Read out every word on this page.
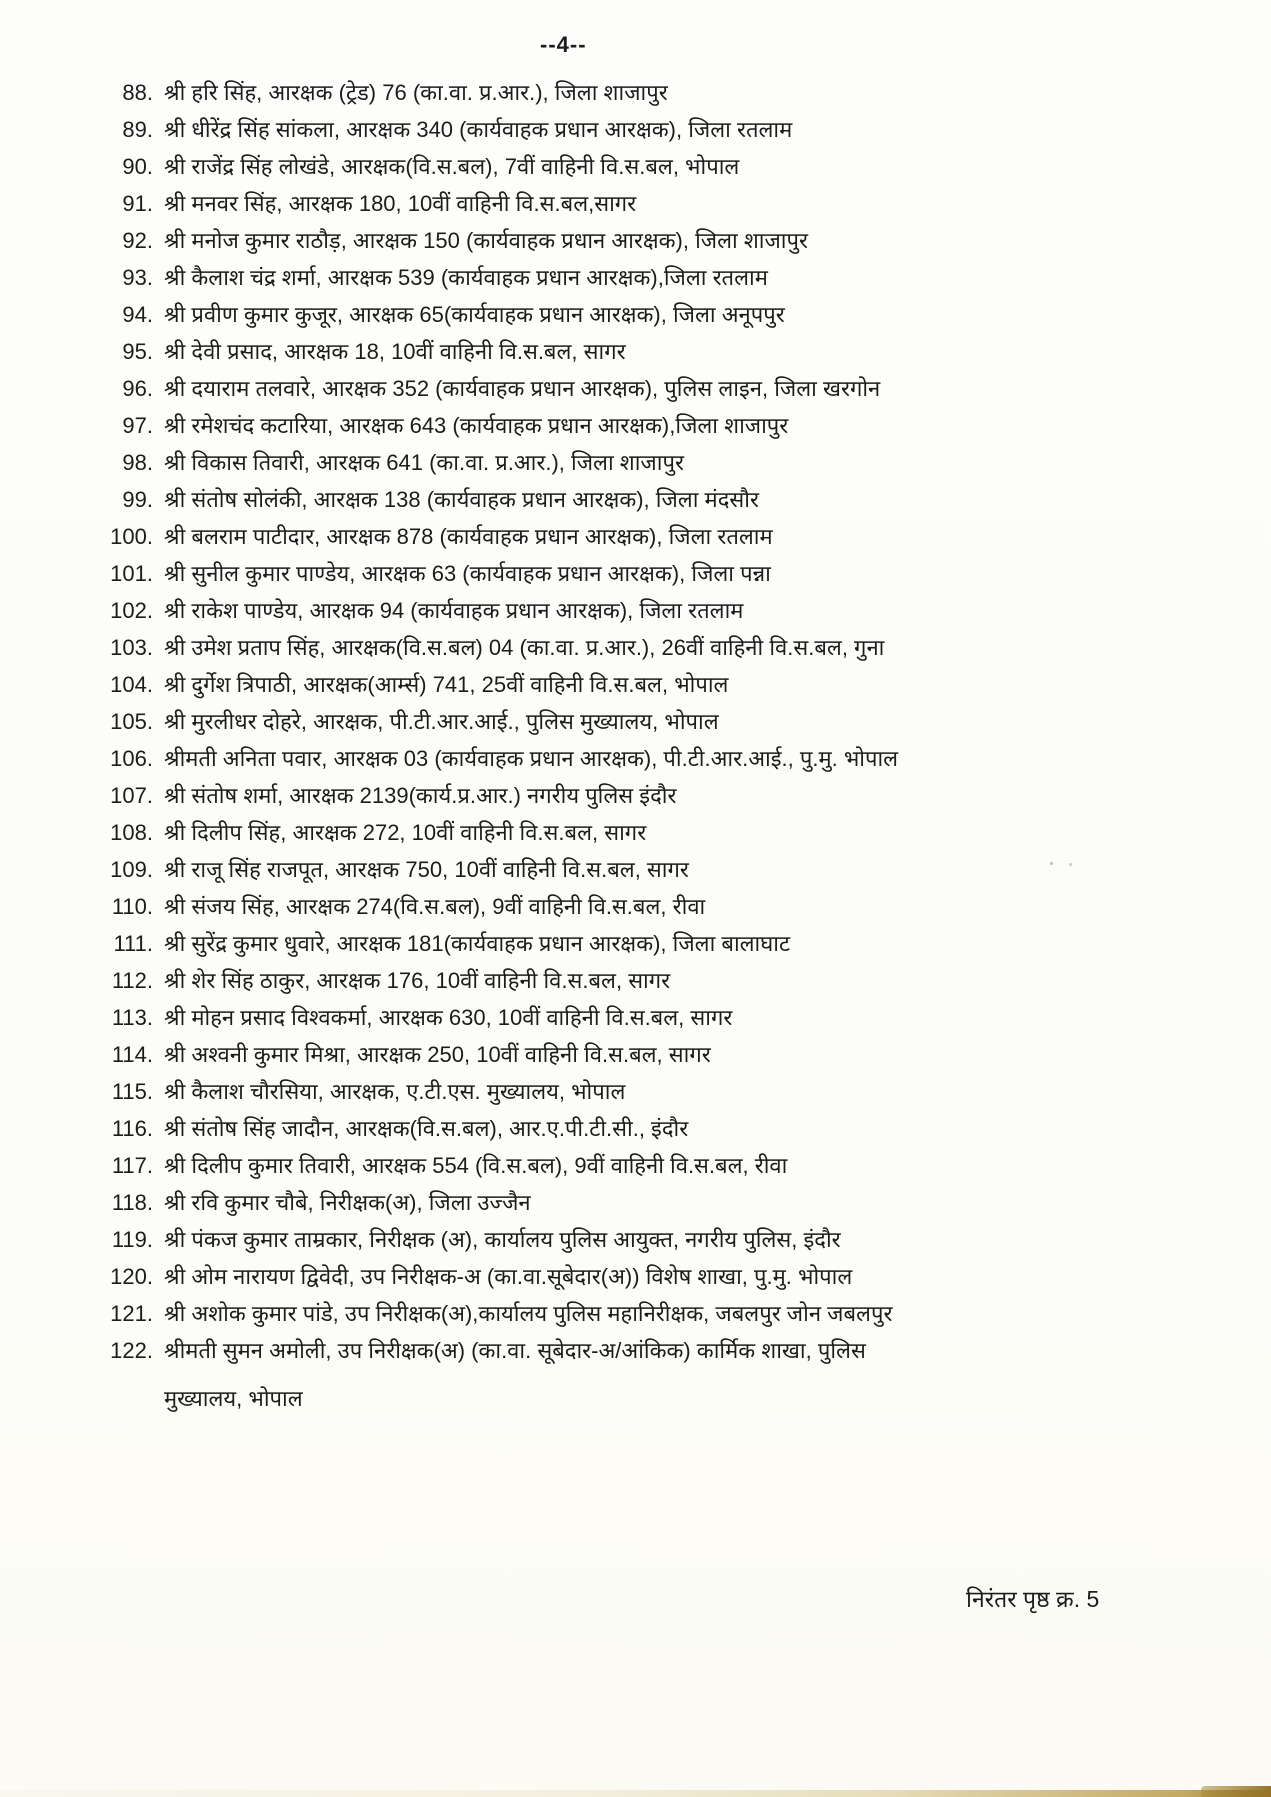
--4--
88. श्री हरि सिंह, आरक्षक (ट्रेड) 76 (का.वा. प्र.आर.), जिला शाजापुर
89. श्री धीरेंद्र सिंह सांकला, आरक्षक 340 (कार्यवाहक प्रधान आरक्षक), जिला रतलाम
90. श्री राजेंद्र सिंह लोखंडे, आरक्षक(वि.स.बल), 7वीं वाहिनी वि.स.बल, भोपाल
91. श्री मनवर सिंह, आरक्षक 180, 10वीं वाहिनी वि.स.बल,सागर
92. श्री मनोज कुमार राठौड़, आरक्षक 150 (कार्यवाहक प्रधान आरक्षक), जिला शाजापुर
93. श्री कैलाश चंद्र शर्मा, आरक्षक 539 (कार्यवाहक प्रधान आरक्षक),जिला रतलाम
94. श्री प्रवीण कुमार कुजूर, आरक्षक 65(कार्यवाहक प्रधान आरक्षक), जिला अनूपपुर
95. श्री देवी प्रसाद, आरक्षक 18, 10वीं वाहिनी वि.स.बल, सागर
96. श्री दयाराम तलवारे, आरक्षक 352 (कार्यवाहक प्रधान आरक्षक), पुलिस लाइन, जिला खरगोन
97. श्री रमेशचंद कटारिया, आरक्षक 643 (कार्यवाहक प्रधान आरक्षक),जिला शाजापुर
98. श्री विकास तिवारी, आरक्षक 641 (का.वा. प्र.आर.), जिला शाजापुर
99. श्री संतोष सोलंकी, आरक्षक 138 (कार्यवाहक प्रधान आरक्षक), जिला मंदसौर
100. श्री बलराम पाटीदार, आरक्षक 878 (कार्यवाहक प्रधान आरक्षक), जिला रतलाम
101. श्री सुनील कुमार पाण्डेय, आरक्षक 63 (कार्यवाहक प्रधान आरक्षक), जिला पन्ना
102. श्री राकेश पाण्डेय, आरक्षक 94 (कार्यवाहक प्रधान आरक्षक), जिला रतलाम
103. श्री उमेश प्रताप सिंह, आरक्षक(वि.स.बल) 04 (का.वा. प्र.आर.), 26वीं वाहिनी वि.स.बल, गुना
104. श्री दुर्गेश त्रिपाठी, आरक्षक(आर्म्स) 741, 25वीं वाहिनी वि.स.बल, भोपाल
105. श्री मुरलीधर दोहरे, आरक्षक, पी.टी.आर.आई., पुलिस मुख्यालय, भोपाल
106. श्रीमती अनिता पवार, आरक्षक 03 (कार्यवाहक प्रधान आरक्षक), पी.टी.आर.आई., पु.मु. भोपाल
107. श्री संतोष शर्मा, आरक्षक 2139(कार्य.प्र.आर.) नगरीय पुलिस इंदौर
108. श्री दिलीप सिंह, आरक्षक 272, 10वीं वाहिनी वि.स.बल, सागर
109. श्री राजू सिंह राजपूत, आरक्षक 750, 10वीं वाहिनी वि.स.बल, सागर
110. श्री संजय सिंह, आरक्षक 274(वि.स.बल), 9वीं वाहिनी वि.स.बल, रीवा
111. श्री सुरेंद्र कुमार धुवारे, आरक्षक 181(कार्यवाहक प्रधान आरक्षक), जिला बालाघाट
112. श्री शेर सिंह ठाकुर, आरक्षक 176, 10वीं वाहिनी वि.स.बल, सागर
113. श्री मोहन प्रसाद विश्वकर्मा, आरक्षक 630, 10वीं वाहिनी वि.स.बल, सागर
114. श्री अश्वनी कुमार मिश्रा, आरक्षक 250, 10वीं वाहिनी वि.स.बल, सागर
115. श्री कैलाश चौरसिया, आरक्षक, ए.टी.एस. मुख्यालय, भोपाल
116. श्री संतोष सिंह जादौन, आरक्षक(वि.स.बल), आर.ए.पी.टी.सी., इंदौर
117. श्री दिलीप कुमार तिवारी, आरक्षक 554 (वि.स.बल), 9वीं वाहिनी वि.स.बल, रीवा
118. श्री रवि कुमार चौबे, निरीक्षक(अ), जिला उज्जैन
119. श्री पंकज कुमार ताम्रकार, निरीक्षक (अ), कार्यालय पुलिस आयुक्त, नगरीय पुलिस, इंदौर
120. श्री ओम नारायण द्विवेदी, उप निरीक्षक-अ (का.वा.सूबेदार(अ)) विशेष शाखा, पु.मु. भोपाल
121. श्री अशोक कुमार पांडे, उप निरीक्षक(अ),कार्यालय पुलिस महानिरीक्षक, जबलपुर जोन जबलपुर
122. श्रीमती सुमन अमोली, उप निरीक्षक(अ) (का.वा. सूबेदार-अ/आंकिक) कार्मिक शाखा, पुलिस
मुख्यालय, भोपाल
निरंतर पृष्ठ क्र. 5
